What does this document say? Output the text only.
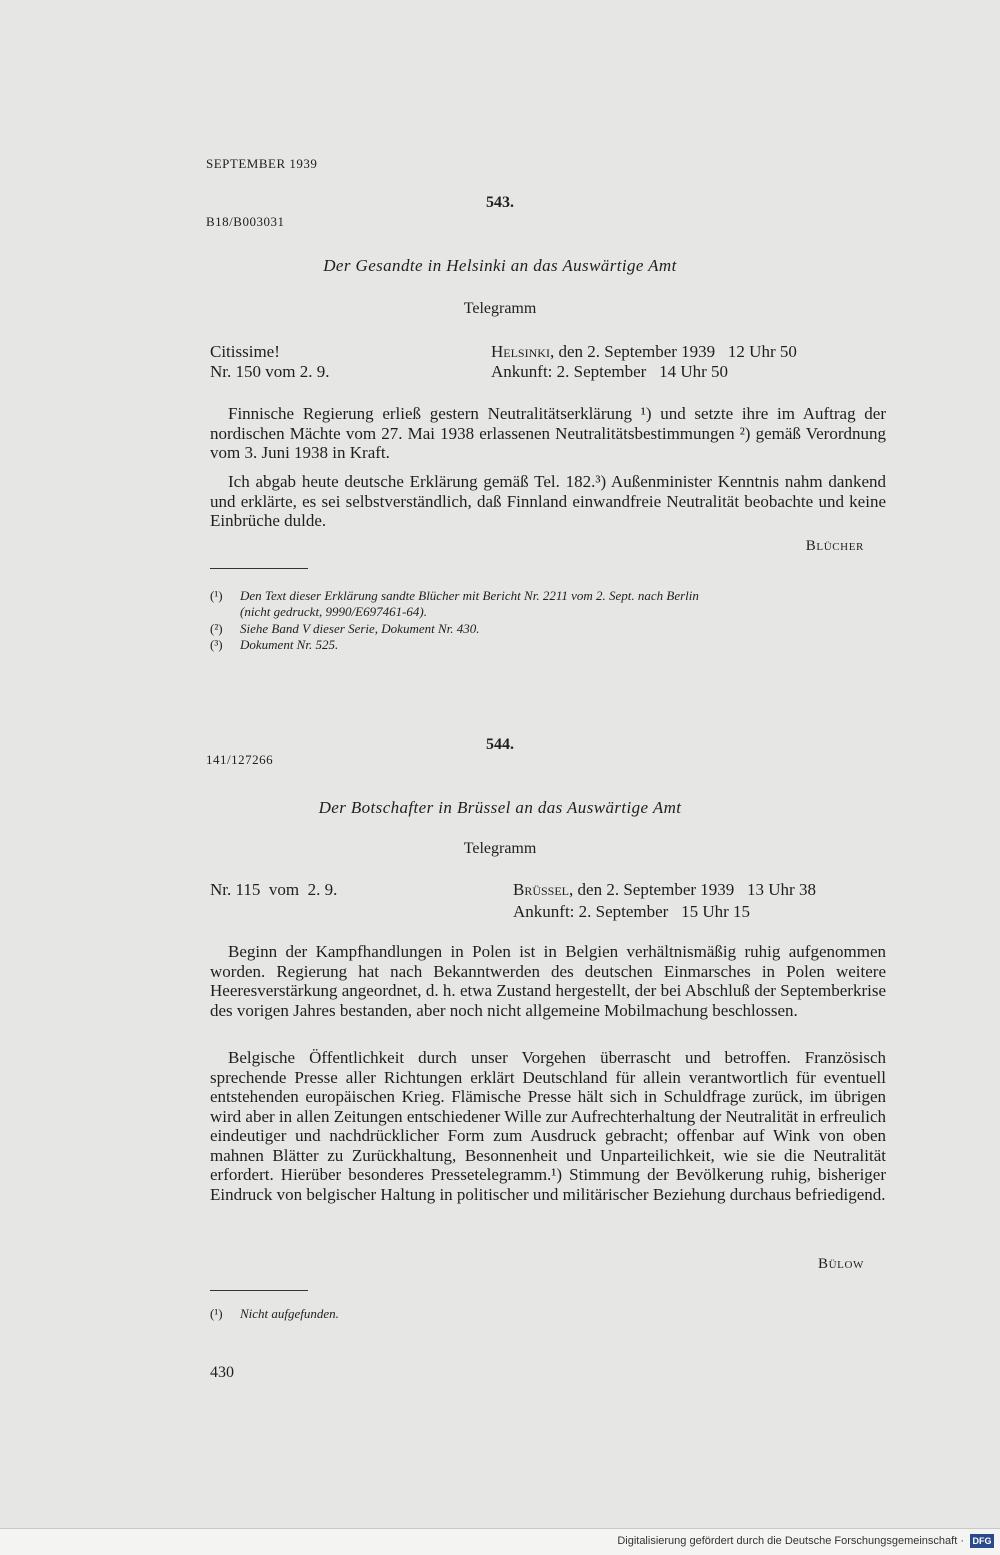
SEPTEMBER 1939
B18/B003031
543.
Der Gesandte in Helsinki an das Auswärtige Amt
Telegramm
Citissime!
Nr. 150 vom 2. 9.
Helsinki, den 2. September 1939   12 Uhr 50
Ankunft: 2. September   14 Uhr 50
Finnische Regierung erließ gestern Neutralitätserklärung ¹) und setzte ihre im Auftrag der nordischen Mächte vom 27. Mai 1938 erlassenen Neutralitätsbestimmungen ²) gemäß Verordnung vom 3. Juni 1938 in Kraft.
Ich abgab heute deutsche Erklärung gemäß Tel. 182.³) Außenminister Kenntnis nahm dankend und erklärte, es sei selbstverständlich, daß Finnland einwandfreie Neutralität beobachte und keine Einbrüche dulde.
Blücher
(¹) Den Text dieser Erklärung sandte Blücher mit Bericht Nr. 2211 vom 2. Sept. nach Berlin
(nicht gedruckt, 9990/E697461-64).
(²) Siehe Band V dieser Serie, Dokument Nr. 430.
(³) Dokument Nr. 525.
544.
141/127266
Der Botschafter in Brüssel an das Auswärtige Amt
Telegramm
Nr. 115  vom  2. 9.	Brüssel, den 2. September 1939   13 Uhr 38
Ankunft: 2. September   15 Uhr 15
Beginn der Kampfhandlungen in Polen ist in Belgien verhältnismäßig ruhig aufgenommen worden. Regierung hat nach Bekanntwerden des deutschen Einmarsches in Polen weitere Heeresverstärkung angeordnet, d. h. etwa Zustand hergestellt, der bei Abschluß der Septemberkrise des vorigen Jahres bestanden, aber noch nicht allgemeine Mobilmachung beschlossen.
Belgische Öffentlichkeit durch unser Vorgehen überrascht und betroffen. Französisch sprechende Presse aller Richtungen erklärt Deutschland für allein verantwortlich für eventuell entstehenden europäischen Krieg. Flämische Presse hält sich in Schuldfrage zurück, im übrigen wird aber in allen Zeitungen entschiedener Wille zur Aufrechterhaltung der Neutralität in erfreulich eindeutiger und nachdrücklicher Form zum Ausdruck gebracht; offenbar auf Wink von oben mahnen Blätter zu Zurückhaltung, Besonnenheit und Unparteilichkeit, wie sie die Neutralität erfordert. Hierüber besonderes Pressetelegramm.¹) Stimmung der Bevölkerung ruhig, bisheriger Eindruck von belgischer Haltung in politischer und militärischer Beziehung durchaus befriedigend.
Bülow
(¹) Nicht aufgefunden.
430
Digitalisierung gefördert durch die Deutsche Forschungsgemeinschaft · DFG
